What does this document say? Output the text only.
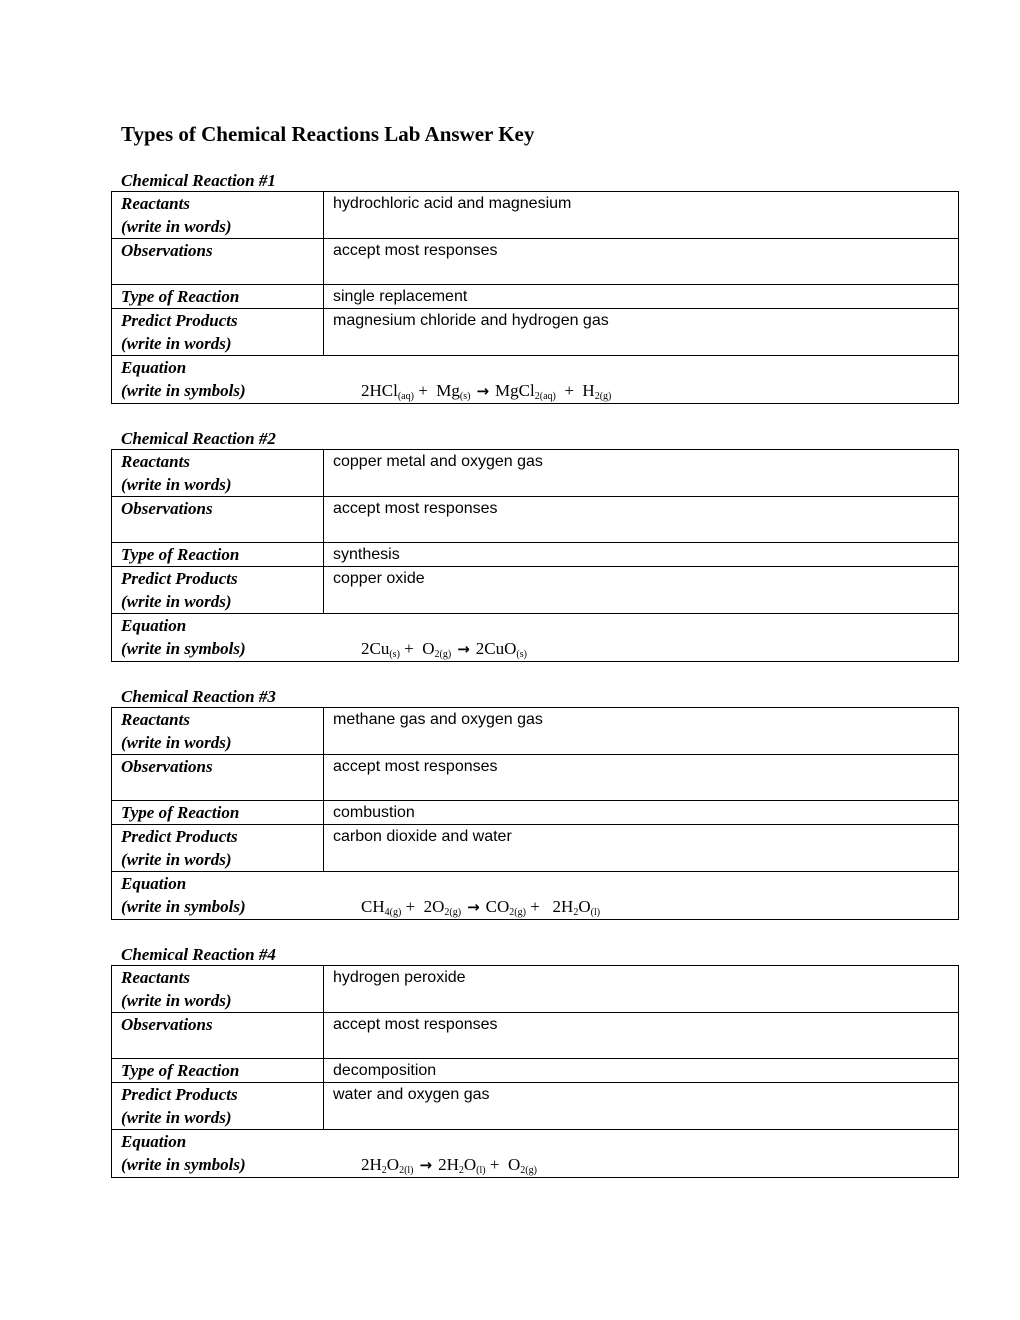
Types of Chemical Reactions Lab Answer Key
Chemical Reaction #1
Reactants
(write in words)	hydrochloric acid and magnesium

Observations	accept most responses

Type of Reaction	single replacement

Predict Products
(write in words)	magnesium chloride and hydrogen gas

Equation
(write in symbols) $2HCl_{(aq)} + Mg_{(s)}$ → MgCl$_{2(aq)}$  +  $H_{2(g)}$
Chemical Reaction #2
Reactants
(write in words)	copper metal and oxygen gas

Observations	accept most responses

Type of Reaction	synthesis

Predict Products
(write in words)	copper oxide

Equation
(write in symbols) $2Cu_{(s)} + O_{2(g)} \to 2CuO_{(s)}$
Chemical Reaction #3
Reactants
(write in words)	methane gas and oxygen gas

Observations	accept most responses

Type of Reaction	combustion

Predict Products
(write in words)	carbon dioxide and water

Equation
(write in symbols) $CH_{4(g)} + 2O_{2(g)} \to CO_{2(g)} + 2H_2O_{(l)}$
Chemical Reaction #4
Reactants
(write in words)	hydrogen peroxide

Observations	accept most responses

Type of Reaction	decomposition

Predict Products
(write in words)	water and oxygen gas

Equation
(write in symbols) $2H_2O_{2(l)} \to 2H_2O_{(l)} + O_{2(g)}$
